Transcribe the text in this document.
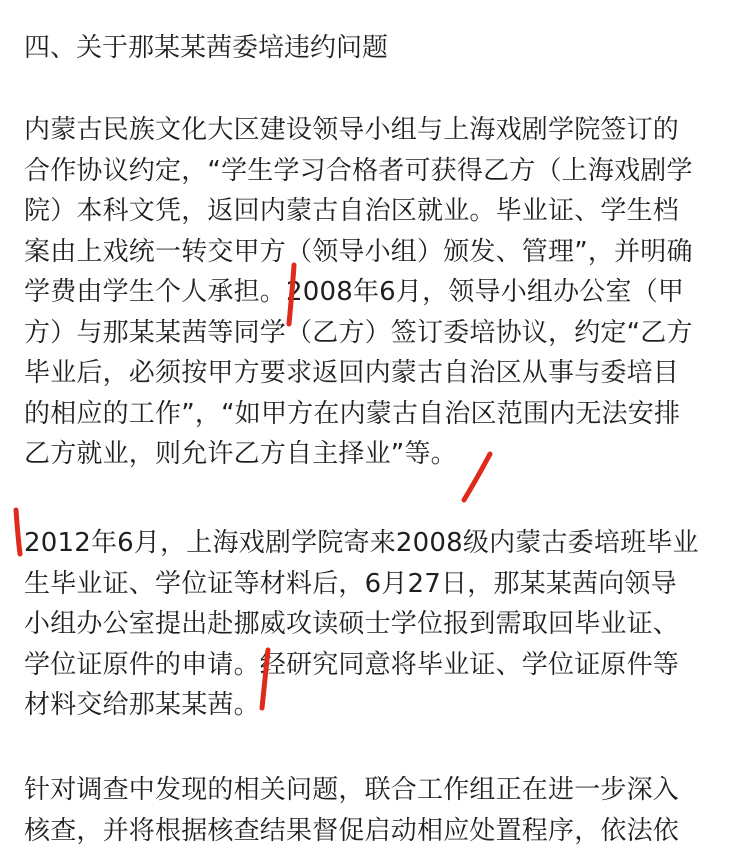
四、关于那某某茜委培违约问题
内蒙古民族文化大区建设领导小组与上海戏剧学院签订的
合作协议约定，“学生学习合格者可获得乙方（上海戏剧学
院）本科文凭，返回内蒙古自治区就业。毕业证、学生档
案由上戏统一转交甲方（领导小组）颁发、管理”，并明确
学费由学生个人承担。2008年6月，领导小组办公室（甲
方）与那某某茜等同学（乙方）签订委培协议，约定“乙方
毕业后，必须按甲方要求返回内蒙古自治区从事与委培目
的相应的工作”，“如甲方在内蒙古自治区范围内无法安排
乙方就业，则允许乙方自主择业”等。
2012年6月，上海戏剧学院寄来2008级内蒙古委培班毕业
生毕业证、学位证等材料后，6月27日，那某某茜向领导
小组办公室提出赴挪威攻读硕士学位报到需取回毕业证、
学位证原件的申请。经研究同意将毕业证、学位证原件等
材料交给那某某茜。
针对调查中发现的相关问题，联合工作组正在进一步深入
核查，并将根据核查结果督促启动相应处置程序，依法依
